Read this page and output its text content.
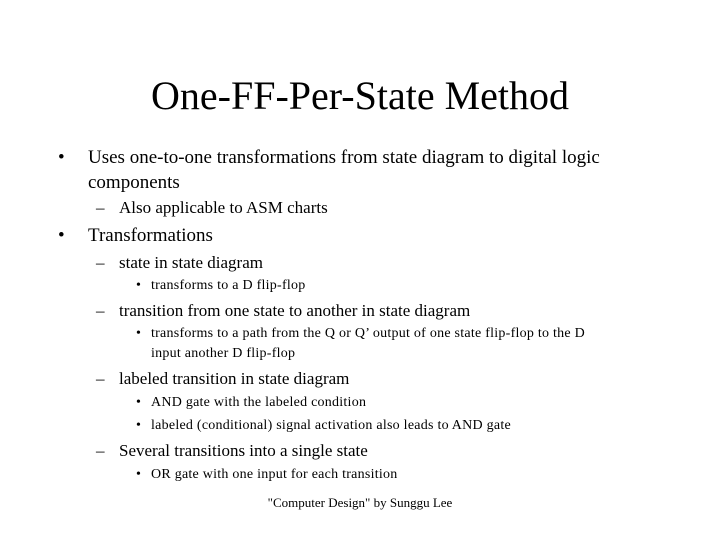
One-FF-Per-State Method
• Uses one-to-one transformations from state diagram to digital logic
components
– Also applicable to ASM charts
• Transformations
– state in state diagram
• transforms to a D flip-flop
– transition from one state to another in state diagram
• transforms to a path from the Q or Q’ output of one state flip-flop to the D
input another D flip-flop
– labeled transition in state diagram
• AND gate with the labeled condition
• labeled (conditional) signal activation also leads to AND gate
– Several transitions into a single state
• OR gate with one input for each transition
"Computer Design" by Sunggu Lee
